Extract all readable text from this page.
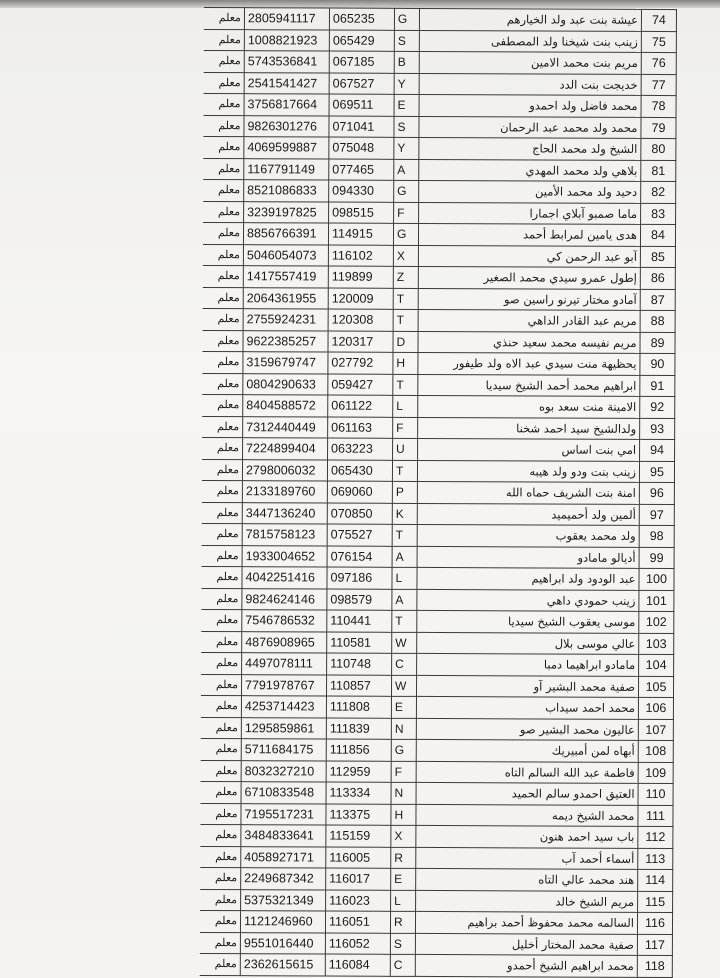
معلم	2805941117	065235	G	عيشة بنت عبد ولد الخيارهم	74
معلم	1008821923	065429	S	زينب بنت شيخنا ولد المصطفى	75
معلم	5743536841	067185	B	مريم بنت محمد الامين	76
معلم	2541541427	067527	Y	خديجت بنت الدد	77
معلم	3756817664	069511	E	محمد فاضل ولد احمدو	78
معلم	9826301276	071041	S	محمد ولد محمد عبد الرحمان	79
معلم	4069599887	075048	Y	الشيخ ولد محمد الحاج	80
معلم	1167791149	077465	A	بلاهي ولد محمد المهدي	81
معلم	8521086833	094330	G	دحيد ولد محمد الأمين	82
معلم	3239197825	098515	F	ماما صمبو آبلاي اجمارا	83
معلم	8856766391	114915	G	هدى يامين لمرابط أحمد	84
معلم	5046054073	116102	X	آبو عبد الرحمن كي	85
معلم	1417557419	119899	Z	إطول عمرو سيدي محمد الصغير	86
معلم	2064361955	120009	T	آمادو مختار تيرنو راسين صو	87
معلم	2755924231	120308	T	مريم عبد القادر الداهي	88
معلم	9622385257	120317	D	مريم نفيسه محمد سعيد حنذي	89
معلم	3159679747	027792	H	يحظيهة منت سيدي عبد الاه ولد طيفور	90
معلم	0804290633	059427	T	ابراهيم محمد أحمد الشيخ سيديا	91
معلم	8404588572	061122	L	الامينة منت سعد بوه	92
معلم	7312440449	061163	F	ولدالشيخ سيد احمد شخنا	93
معلم	7224899404	063223	U	امي بنت اساس	94
معلم	2798006032	065430	T	زينب بنت ودو ولد هيبه	95
معلم	2133189760	069060	P	امنة بنت الشريف حماه الله	96
معلم	3447136240	070850	K	ألمين ولد أحميميد	97
معلم	7815758123	075527	T	ولد محمد يعقوب	98
معلم	1933004652	076154	A	أديالو مامادو	99
معلم	4042251416	097186	L	عبد الودود ولد ابراهيم	100
معلم	9824624146	098579	A	زينب حمودي داهي	101
معلم	7546786532	110441	T	موسى يعقوب الشيخ سيديا	102
معلم	4876908965	110581	W	عالي موسى بلال	103
معلم	4497078111	110748	C	مامادو ابراهيما دمبا	104
معلم	7791978767	110857	W	صفية محمد البشير آو	105
معلم	4253714423	111808	E	محمد احمد سيداب	106
معلم	1295859861	111839	N	عاليون محمد البشير صو	107
معلم	5711684175	111856	G	أبهاه لمن أمبيريك	108
معلم	8032327210	112959	F	فاطمة عبد الله السالم التاه	109
معلم	6710833548	113334	N	العتيق احمدو سالم الحميد	110
معلم	7195517231	113375	H	محمد الشيخ ديمه	111
معلم	3484833641	115159	X	باب سيد احمد هنون	112
معلم	4058927171	116005	R	أسماء أحمد آب	113
معلم	2249687342	116017	E	هند محمد عالي التاه	114
معلم	5375321349	116023	L	مريم الشيخ خالد	115
معلم	1121246960	116051	R	السالمه محمد محفوظ أحمد براهيم	116
معلم	9551016440	116052	S	صفية محمد المختار أخليل	117
معلم	2362615615	116084	C	محمد ابراهيم الشيخ أحمدو	118
